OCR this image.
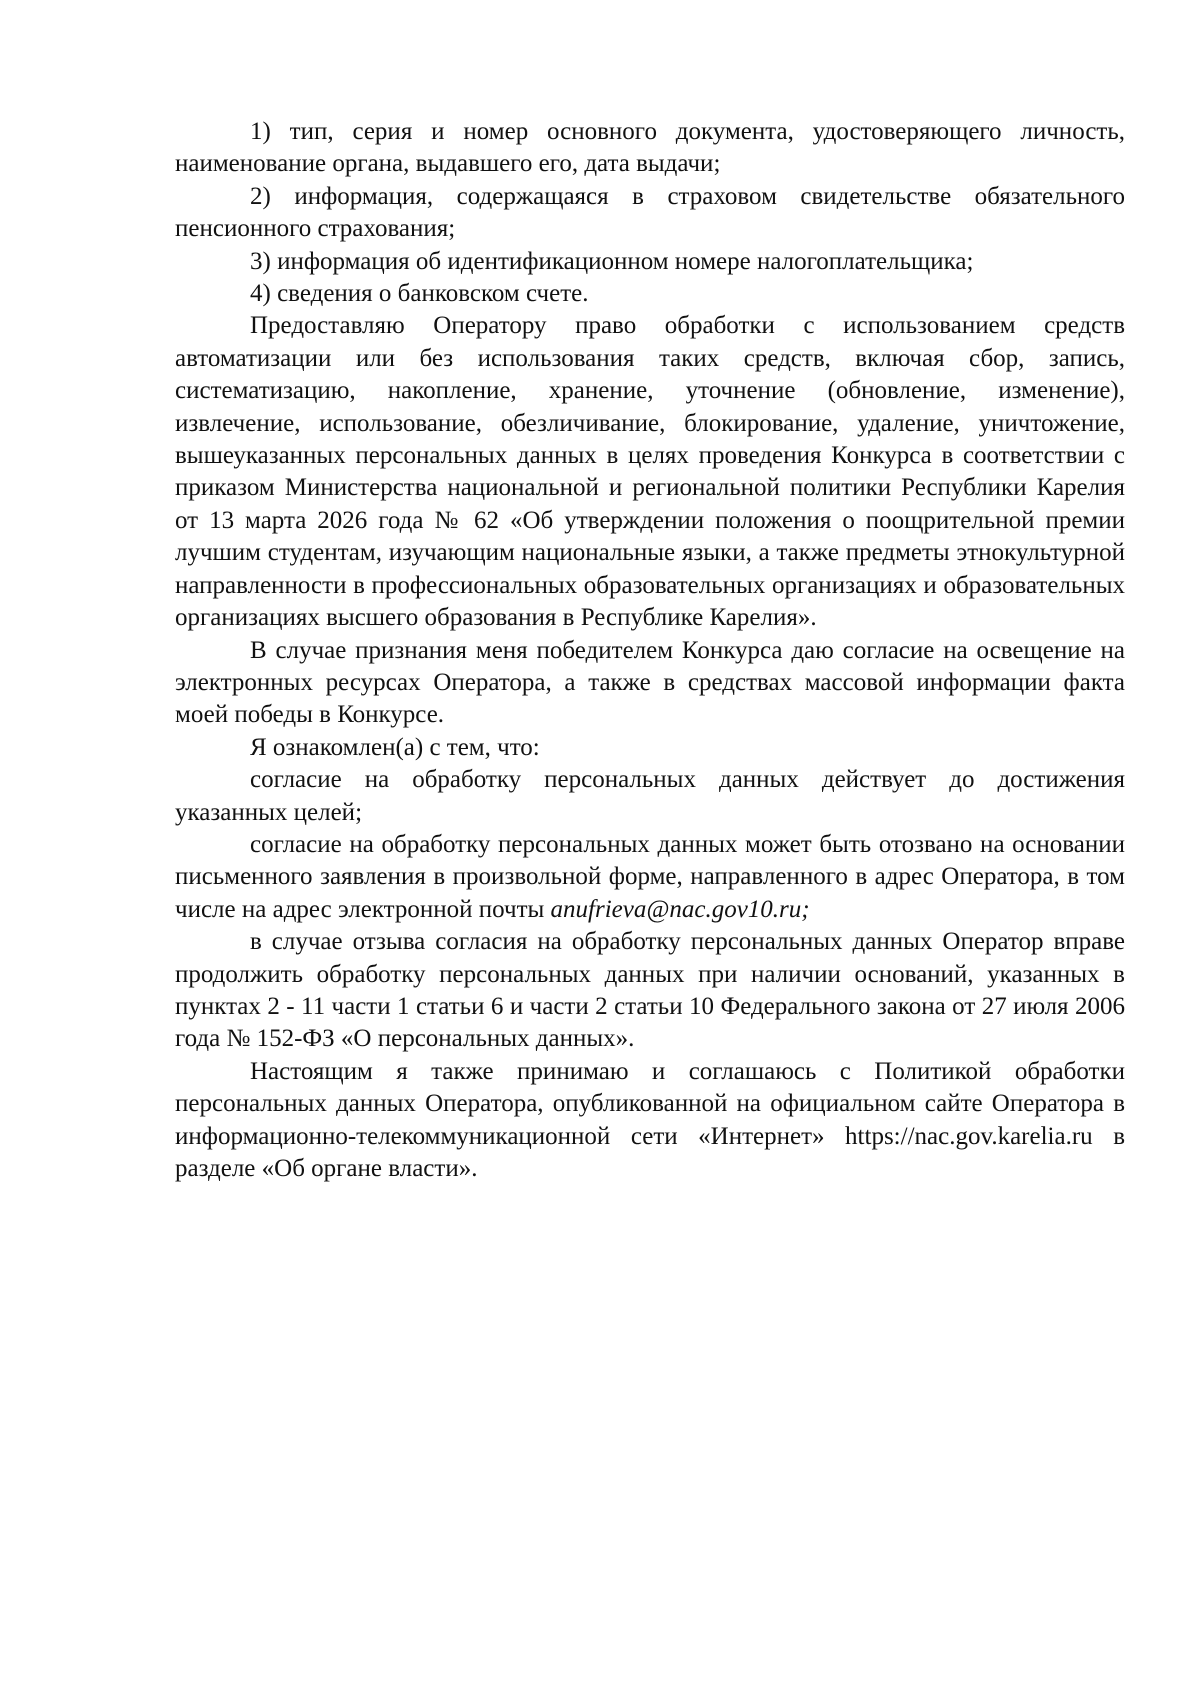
1) тип, серия и номер основного документа, удостоверяющего личность, наименование органа, выдавшего его, дата выдачи;

2) информация, содержащаяся в страховом свидетельстве обязательного пенсионного страхования;

3) информация об идентификационном номере налогоплательщика;

4) сведения о банковском счете.

Предоставляю Оператору право обработки с использованием средств автоматизации или без использования таких средств, включая сбор, запись, систематизацию, накопление, хранение, уточнение (обновление, изменение), извлечение, использование, обезличивание, блокирование, удаление, уничтожение, вышеуказанных персональных данных в целях проведения Конкурса в соответствии с приказом Министерства национальной и региональной политики Республики Карелия от 13 марта 2026 года № 62 «Об утверждении положения о поощрительной премии лучшим студентам, изучающим национальные языки, а также предметы этнокультурной направленности в профессиональных образовательных организациях и образовательных организациях высшего образования в Республике Карелия».

В случае признания меня победителем Конкурса даю согласие на освещение на электронных ресурсах Оператора, а также в средствах массовой информации факта моей победы в Конкурсе.

Я ознакомлен(а) с тем, что:

согласие на обработку персональных данных действует до достижения указанных целей;

согласие на обработку персональных данных может быть отозвано на основании письменного заявления в произвольной форме, направленного в адрес Оператора, в том числе на адрес электронной почты anufrieva@nac.gov10.ru;

в случае отзыва согласия на обработку персональных данных Оператор вправе продолжить обработку персональных данных при наличии оснований, указанных в пунктах 2 - 11 части 1 статьи 6 и части 2 статьи 10 Федерального закона от 27 июля 2006 года № 152-ФЗ «О персональных данных».

Настоящим я также принимаю и соглашаюсь с Политикой обработки персональных данных Оператора, опубликованной на официальном сайте Оператора в информационно-телекоммуникационной сети «Интернет» https://nac.gov.karelia.ru в разделе «Об органе власти».
